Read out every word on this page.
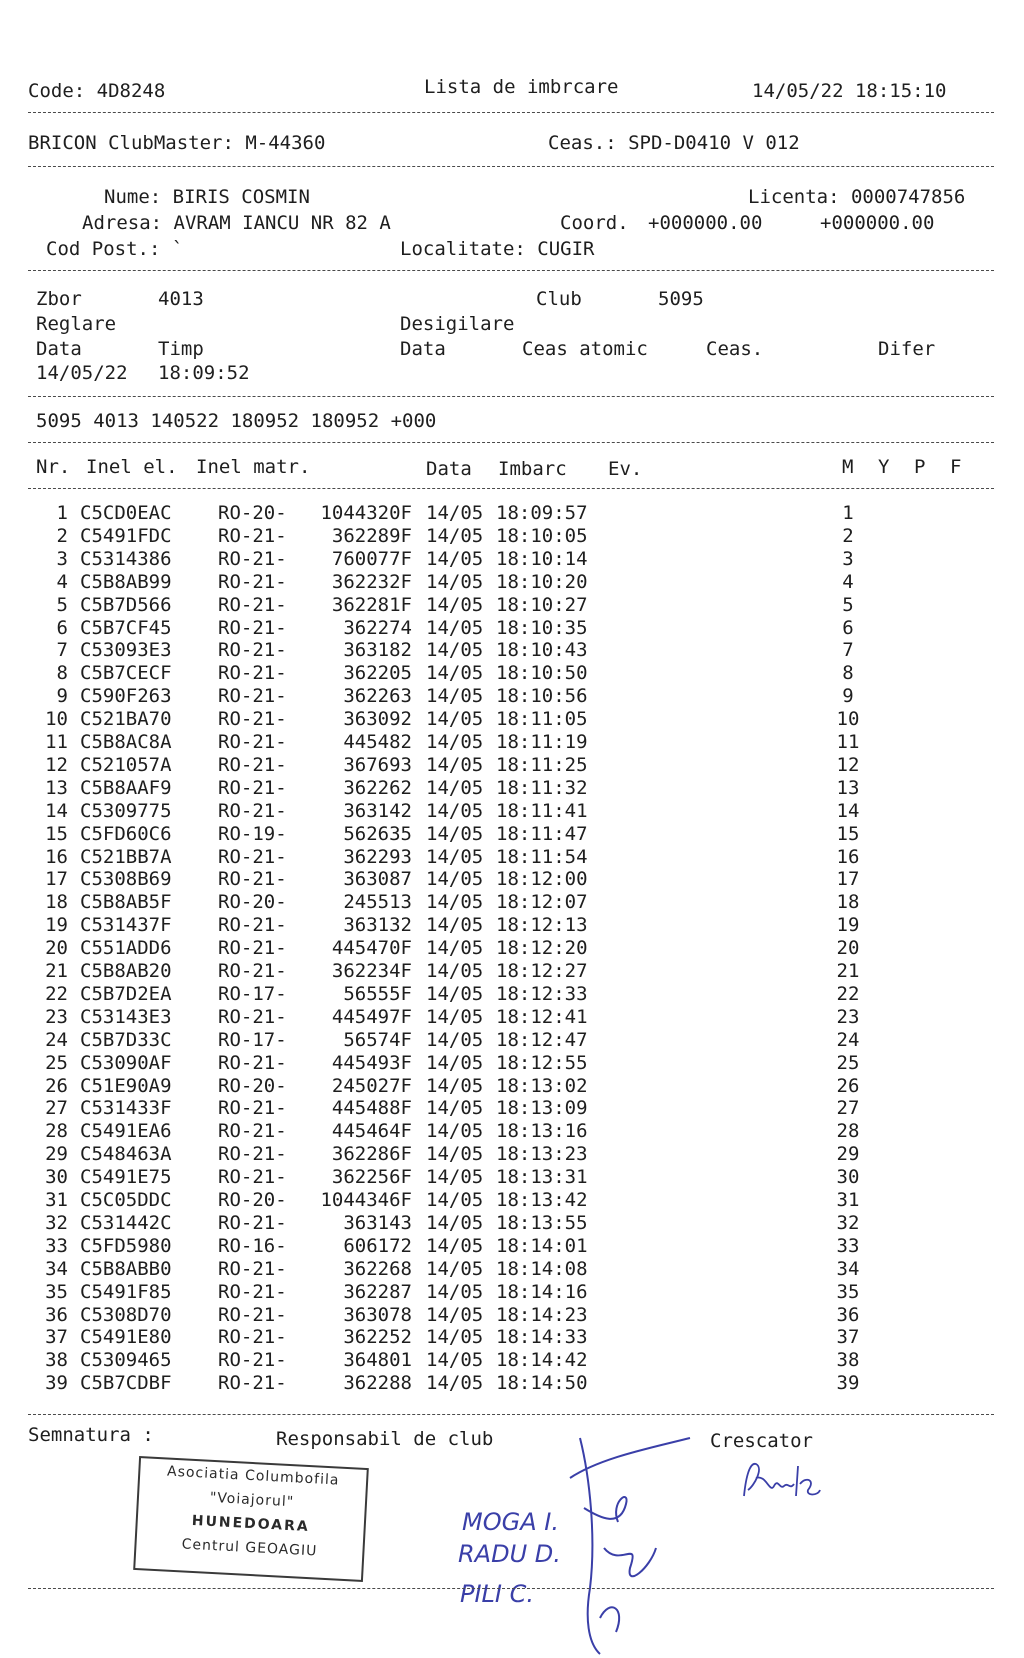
Code: 4D8248	Lista de imbrcare	14/05/22 18:15:10
BRICON ClubMaster: M-44360	Ceas.: SPD-D0410 V 012
Nume: BIRIS COSMIN	Licenta: 0000747856
Adresa: AVRAM IANCU NR 82 A	Coord. +000000.00	+000000.00
Cod Post.: `	Localitate: CUGIR
Zbor	4013	Club	5095
Reglare	Desigilare
Data	Timp	Data	Ceas atomic	Ceas.	Difer
14/05/22 18:09:52
5095 4013 140522 180952 180952 +000
Nr. Inel el. Inel matr.	Data Imbarc Ev.	M Y P F
1 C5CD0EAC RO-20-	1044320F 14/05 18:09:57	1
2 C5491FDC RO-21-	362289F 14/05 18:10:05	2
3 C5314386 RO-21-	760077F 14/05 18:10:14	3
4 C5B8AB99 RO-21-	362232F 14/05 18:10:20	4
5 C5B7D566 RO-21-	362281F 14/05 18:10:27	5
6 C5B7CF45 RO-21-	362274 14/05 18:10:35	6
7 C53093E3 RO-21-	363182 14/05 18:10:43	7
8 C5B7CECF RO-21-	362205 14/05 18:10:50	8
9 C590F263 RO-21-	362263 14/05 18:10:56	9
10 C521BA70 RO-21-	363092 14/05 18:11:05	10
11 C5B8AC8A RO-21-	445482 14/05 18:11:19	11
12 C521057A RO-21-	367693 14/05 18:11:25	12
13 C5B8AAF9 RO-21-	362262 14/05 18:11:32	13
14 C5309775 RO-21-	363142 14/05 18:11:41	14
15 C5FD60C6 RO-19-	562635 14/05 18:11:47	15
16 C521BB7A RO-21-	362293 14/05 18:11:54	16
17 C5308B69 RO-21-	363087 14/05 18:12:00	17
18 C5B8AB5F RO-20-	245513 14/05 18:12:07	18
19 C531437F RO-21-	363132 14/05 18:12:13	19
20 C551ADD6 RO-21-	445470F 14/05 18:12:20	20
21 C5B8AB20 RO-21-	362234F 14/05 18:12:27	21
22 C5B7D2EA RO-17-	56555F 14/05 18:12:33	22
23 C53143E3 RO-21-	445497F 14/05 18:12:41	23
24 C5B7D33C RO-17-	56574F 14/05 18:12:47	24
25 C53090AF RO-21-	445493F 14/05 18:12:55	25
26 C51E90A9 RO-20-	245027F 14/05 18:13:02	26
27 C531433F RO-21-	445488F 14/05 18:13:09	27
28 C5491EA6 RO-21-	445464F 14/05 18:13:16	28
29 C548463A RO-21-	362286F 14/05 18:13:23	29
30 C5491E75 RO-21-	362256F 14/05 18:13:31	30
31 C5C05DDC RO-20-	1044346F 14/05 18:13:42	31
32 C531442C RO-21-	363143 14/05 18:13:55	32
33 C5FD5980 RO-16-	606172 14/05 18:14:01	33
34 C5B8ABB0 RO-21-	362268 14/05 18:14:08	34
35 C5491F85 RO-21-	362287 14/05 18:14:16	35
36 C5308D70 RO-21-	363078 14/05 18:14:23	36
37 C5491E80 RO-21-	362252 14/05 18:14:33	37
38 C5309465 RO-21-	364801 14/05 18:14:42	38
39 C5B7CDBF RO-21-	362288 14/05 18:14:50	39
Semnatura :	Responsabil de club	Crescator
Asociatia Columbofila
"Voiajorul"
HUNEDOARA
Centrul GEOAGIU
MOGA I.
RADU D.
PILI C.
